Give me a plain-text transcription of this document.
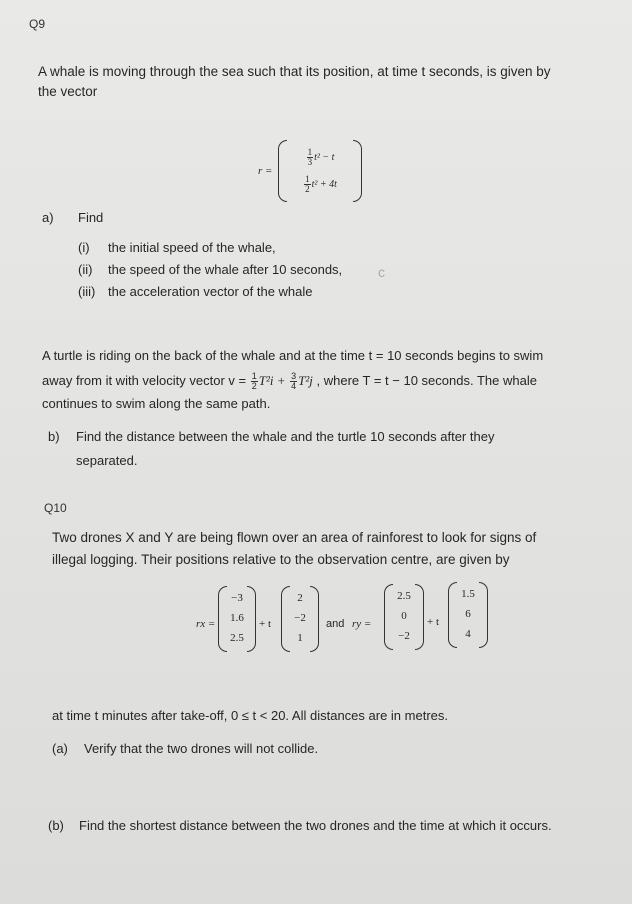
Q9
A whale is moving through the sea such that its position, at time t seconds, is given by
the vector
r =
$\frac{1}{3} t^2 - t$
$\frac{1}{2} t^2 + 4t$
a) Find
(i) the initial speed of the whale,
(ii) the speed of the whale after 10 seconds,	c
(iii) the acceleration vector of the whale
A turtle is riding on the back of the whale and at the time t = 10 seconds begins to swim
away from it with velocity vector $v = \frac{1}{2} T^2i + \frac{3}{4} T^2j$ , where T = t − 10 seconds. The whale
continues to swim along the same path.
b) Find the distance between the whale and the turtle 10 seconds after they
separated.
Q10
Two drones X and Y are being flown over an area of rainforest to look for signs of
illegal logging. Their positions relative to the observation centre, are given by
rx =
−3
1.6
2.5
+ t
2
−2
1
and ry =
2.5
0
−2
+ t
1.5
6
4
at time t minutes after take-off, 0 ≤ t < 20. All distances are in metres.
(a) Verify that the two drones will not collide.
(b) Find the shortest distance between the two drones and the time at which it occurs.
